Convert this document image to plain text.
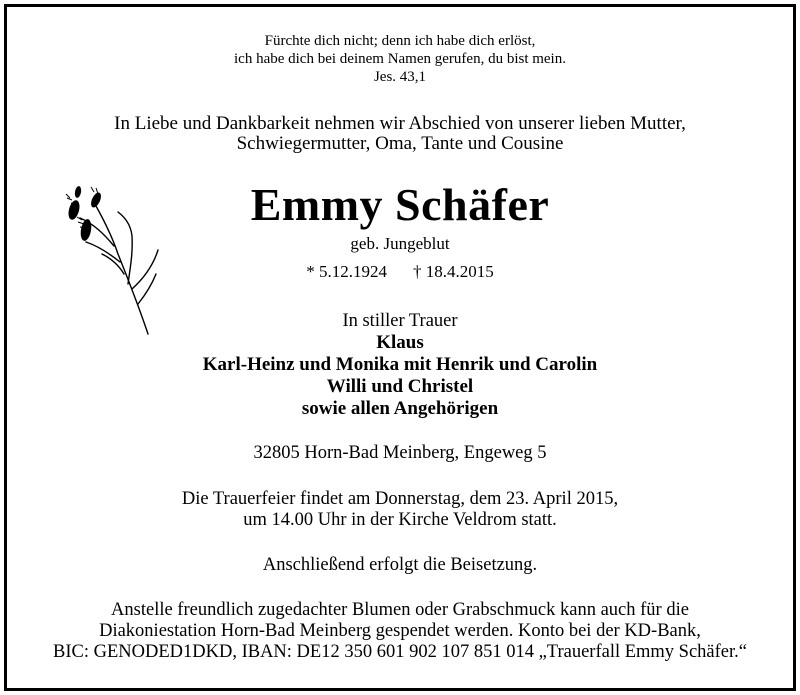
Fürchte dich nicht; denn ich habe dich erlöst,
ich habe dich bei deinem Namen gerufen, du bist mein.
Jes. 43,1
In Liebe und Dankbarkeit nehmen wir Abschied von unserer lieben Mutter,
Schwiegermutter, Oma, Tante und Cousine
Emmy Schäfer
geb. Jungeblut
* 5.12.1924 † 18.4.2015
In stiller Trauer
Klaus
Karl-Heinz und Monika mit Henrik und Carolin
Willi und Christel
sowie allen Angehörigen
32805 Horn-Bad Meinberg, Engeweg 5
Die Trauerfeier findet am Donnerstag, dem 23. April 2015,
um 14.00 Uhr in der Kirche Veldrom statt.
Anschließend erfolgt die Beisetzung.
Anstelle freundlich zugedachter Blumen oder Grabschmuck kann auch für die
Diakoniestation Horn-Bad Meinberg gespendet werden. Konto bei der KD-Bank,
BIC: GENODED1DKD, IBAN: DE12 350 601 902 107 851 014 „Trauerfall Emmy Schäfer.“
